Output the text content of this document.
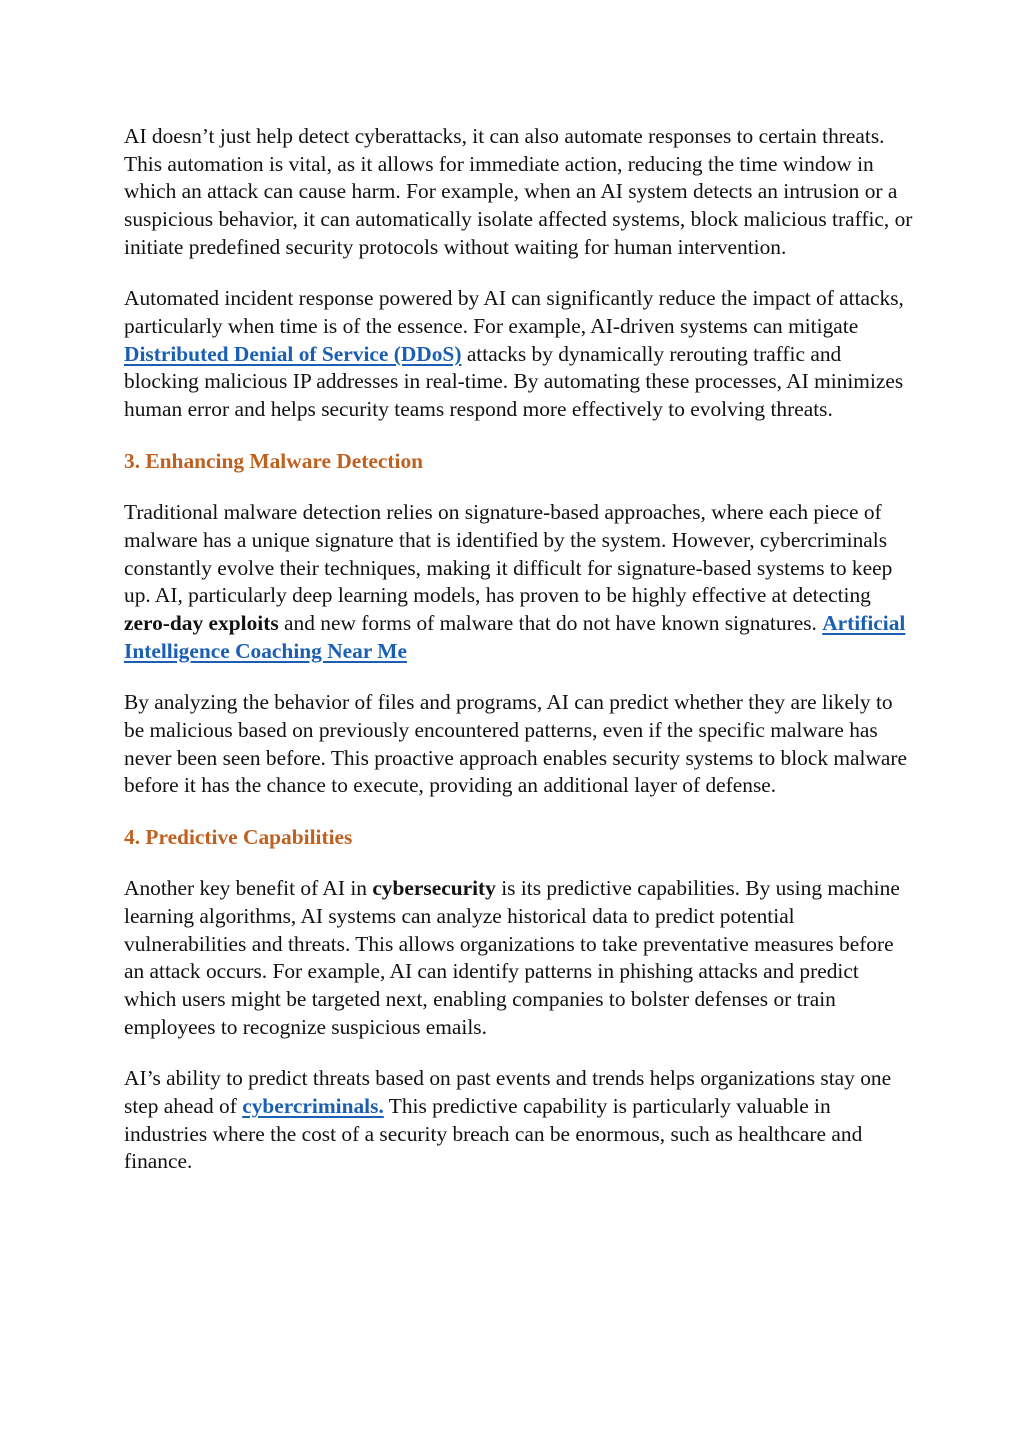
AI doesn’t just help detect cyberattacks, it can also automate responses to certain threats. This automation is vital, as it allows for immediate action, reducing the time window in which an attack can cause harm. For example, when an AI system detects an intrusion or a suspicious behavior, it can automatically isolate affected systems, block malicious traffic, or initiate predefined security protocols without waiting for human intervention.

Automated incident response powered by AI can significantly reduce the impact of attacks, particularly when time is of the essence. For example, AI-driven systems can mitigate Distributed Denial of Service (DDoS) attacks by dynamically rerouting traffic and blocking malicious IP addresses in real-time. By automating these processes, AI minimizes human error and helps security teams respond more effectively to evolving threats.

3. Enhancing Malware Detection

Traditional malware detection relies on signature-based approaches, where each piece of malware has a unique signature that is identified by the system. However, cybercriminals constantly evolve their techniques, making it difficult for signature-based systems to keep up. AI, particularly deep learning models, has proven to be highly effective at detecting zero-day exploits and new forms of malware that do not have known signatures. Artificial Intelligence Coaching Near Me

By analyzing the behavior of files and programs, AI can predict whether they are likely to be malicious based on previously encountered patterns, even if the specific malware has never been seen before. This proactive approach enables security systems to block malware before it has the chance to execute, providing an additional layer of defense.

4. Predictive Capabilities

Another key benefit of AI in cybersecurity is its predictive capabilities. By using machine learning algorithms, AI systems can analyze historical data to predict potential vulnerabilities and threats. This allows organizations to take preventative measures before an attack occurs. For example, AI can identify patterns in phishing attacks and predict which users might be targeted next, enabling companies to bolster defenses or train employees to recognize suspicious emails.

AI’s ability to predict threats based on past events and trends helps organizations stay one step ahead of cybercriminals. This predictive capability is particularly valuable in industries where the cost of a security breach can be enormous, such as healthcare and finance.
